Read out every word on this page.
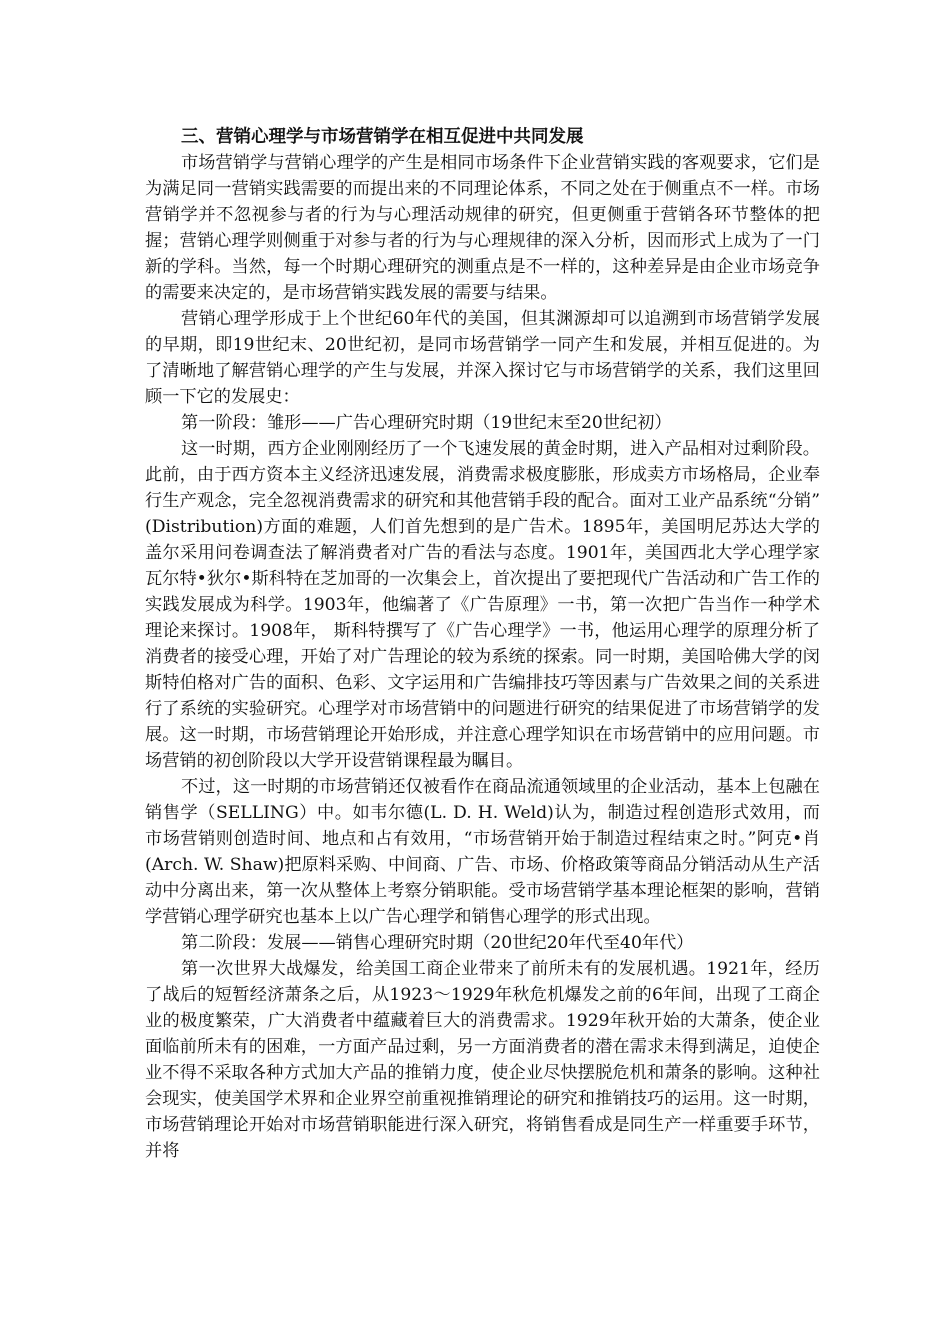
三、营销心理学与市场营销学在相互促进中共同发展

市场营销学与营销心理学的产生是相同市场条件下企业营销实践的客观要求，它们是为满足同一营销实践需要的而提出来的不同理论体系，不同之处在于侧重点不一样。市场营销学并不忽视参与者的行为与心理活动规律的研究，但更侧重于营销各环节整体的把握；营销心理学则侧重于对参与者的行为与心理规律的深入分析，因而形式上成为了一门新的学科。当然，每一个时期心理研究的测重点是不一样的，这种差异是由企业市场竞争的需要来决定的，是市场营销实践发展的需要与结果。

营销心理学形成于上个世纪60年代的美国，但其渊源却可以追溯到市场营销学发展的早期，即19世纪末、20世纪初，是同市场营销学一同产生和发展，并相互促进的。为了清晰地了解营销心理学的产生与发展，并深入探讨它与市场营销学的关系，我们这里回顾一下它的发展史：

第一阶段：雏形——广告心理研究时期（19世纪末至20世纪初）

这一时期，西方企业刚刚经历了一个飞速发展的黄金时期，进入产品相对过剩阶段。此前，由于西方资本主义经济迅速发展，消费需求极度膨胀，形成卖方市场格局，企业奉行生产观念，完全忽视消费需求的研究和其他营销手段的配合。面对工业产品系统“分销” (Distribution)方面的难题，人们首先想到的是广告术。1895年，美国明尼苏达大学的盖尔采用问卷调查法了解消费者对广告的看法与态度。1901年，美国西北大学心理学家瓦尔特•狄尔•斯科特在芝加哥的一次集会上，首次提出了要把现代广告活动和广告工作的实践发展成为科学。1903年，他编著了《广告原理》一书，第一次把广告当作一种学术理论来探讨。1908年， 斯科特撰写了《广告心理学》一书，他运用心理学的原理分析了消费者的接受心理，开始了对广告理论的较为系统的探索。同一时期，美国哈佛大学的闵斯特伯格对广告的面积、色彩、文字运用和广告编排技巧等因素与广告效果之间的关系进行了系统的实验研究。心理学对市场营销中的问题进行研究的结果促进了市场营销学的发展。这一时期，市场营销理论开始形成，并注意心理学知识在市场营销中的应用问题。市场营销的初创阶段以大学开设营销课程最为瞩目。

不过，这一时期的市场营销还仅被看作在商品流通领域里的企业活动，基本上包融在销售学（SELLING）中。如韦尔德(L. D. H. Weld)认为，制造过程创造形式效用，而市场营销则创造时间、地点和占有效用，“市场营销开始于制造过程结束之时。”阿克•肖(Arch. W. Shaw)把原料采购、中间商、广告、市场、价格政策等商品分销活动从生产活动中分离出来，第一次从整体上考察分销职能。受市场营销学基本理论框架的影响，营销学营销心理学研究也基本上以广告心理学和销售心理学的形式出现。

第二阶段：发展——销售心理研究时期（20世纪20年代至40年代）

第一次世界大战爆发，给美国工商企业带来了前所未有的发展机遇。1921年，经历了战后的短暂经济萧条之后，从1923～1929年秋危机爆发之前的6年间，出现了工商企业的极度繁荣，广大消费者中蕴藏着巨大的消费需求。1929年秋开始的大萧条，使企业面临前所未有的困难，一方面产品过剩，另一方面消费者的潜在需求未得到满足，迫使企业不得不采取各种方式加大产品的推销力度，使企业尽快摆脱危机和萧条的影响。这种社会现实，使美国学术界和企业界空前重视推销理论的研究和推销技巧的运用。这一时期，市场营销理论开始对市场营销职能进行深入研究，将销售看成是同生产一样重要手环节，并将
